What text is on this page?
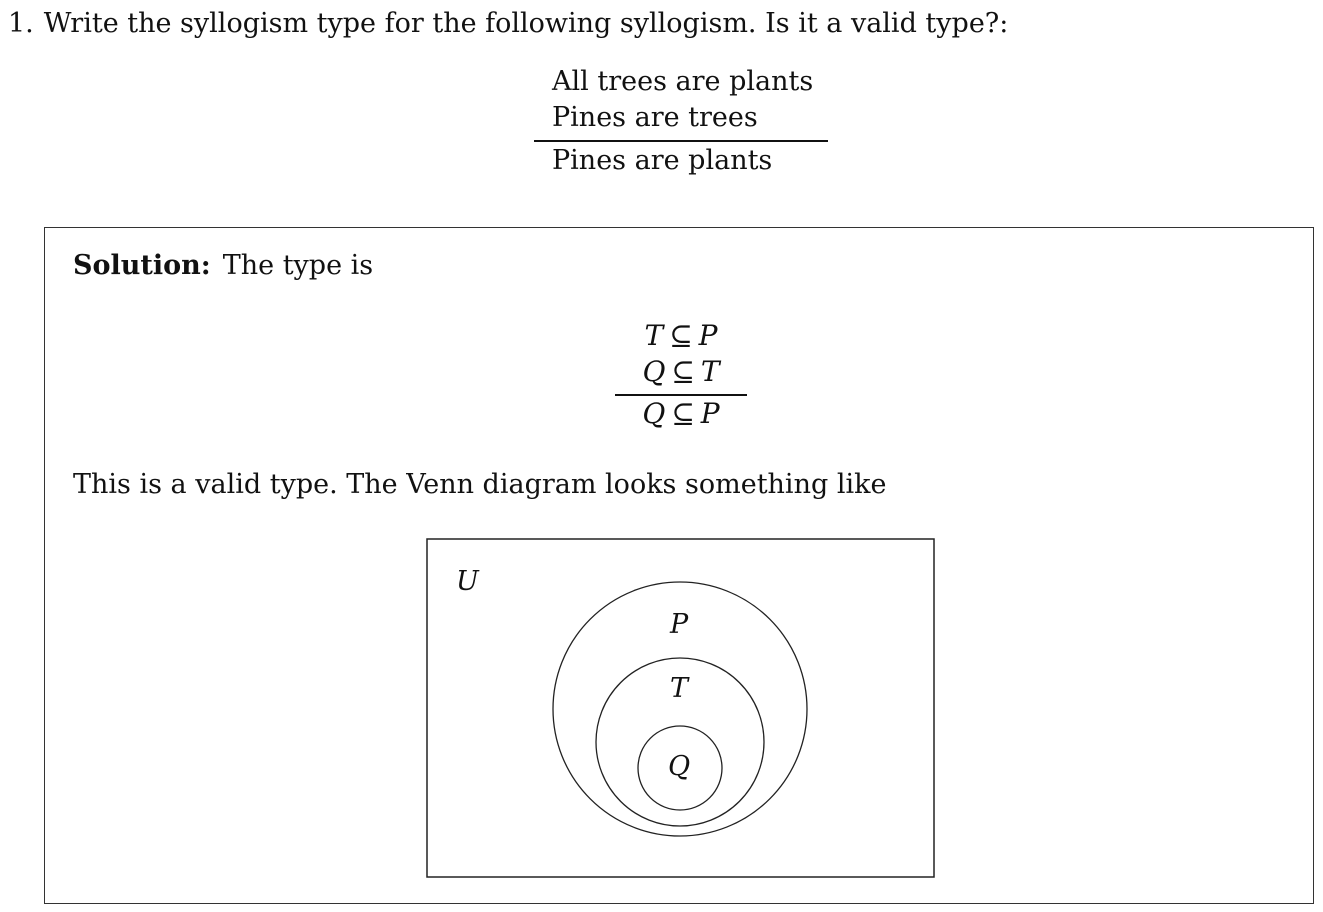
1. Write the syllogism type for the following syllogism. Is it a valid type?:
All trees are plants
Pines are trees
Pines are plants
Solution: The type is
T ⊆ P
Q ⊆ T
Q ⊆ P
This is a valid type. The Venn diagram looks something like
U
P
T
Q
